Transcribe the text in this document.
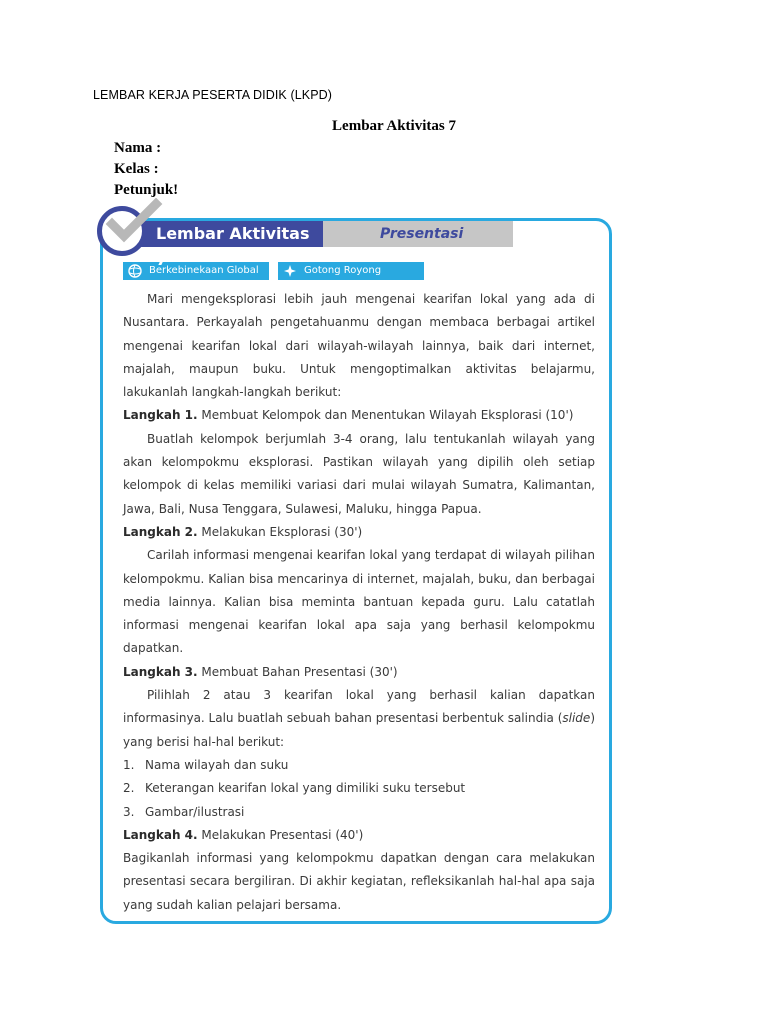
LEMBAR KERJA PESERTA DIDIK (LKPD)
Lembar Aktivitas 7
Nama :
Kelas :
Petunjuk!
Lembar Aktivitas 7
Presentasi
Berkebinekaan Global	Gotong Royong
Mari mengeksplorasi lebih jauh mengenai kearifan lokal yang ada di Nusantara. Perkayalah pengetahuanmu dengan membaca berbagai artikel mengenai kearifan lokal dari wilayah-wilayah lainnya, baik dari internet, majalah, maupun buku. Untuk mengoptimalkan aktivitas belajarmu, lakukanlah langkah-langkah berikut:
Langkah 1. Membuat Kelompok dan Menentukan Wilayah Eksplorasi (10')
Buatlah kelompok berjumlah 3-4 orang, lalu tentukanlah wilayah yang akan kelompokmu eksplorasi. Pastikan wilayah yang dipilih oleh setiap kelompok di kelas memiliki variasi dari mulai wilayah Sumatra, Kalimantan, Jawa, Bali, Nusa Tenggara, Sulawesi, Maluku, hingga Papua.
Langkah 2. Melakukan Eksplorasi (30')
Carilah informasi mengenai kearifan lokal yang terdapat di wilayah pilihan kelompokmu. Kalian bisa mencarinya di internet, majalah, buku, dan berbagai media lainnya. Kalian bisa meminta bantuan kepada guru. Lalu catatlah informasi mengenai kearifan lokal apa saja yang berhasil kelompokmu dapatkan.
Langkah 3. Membuat Bahan Presentasi (30')
Pilihlah 2 atau 3 kearifan lokal yang berhasil kalian dapatkan informasinya. Lalu buatlah sebuah bahan presentasi berbentuk salindia (slide) yang berisi hal-hal berikut:
1. Nama wilayah dan suku
2. Keterangan kearifan lokal yang dimiliki suku tersebut
3. Gambar/ilustrasi
Langkah 4. Melakukan Presentasi (40')
Bagikanlah informasi yang kelompokmu dapatkan dengan cara melakukan presentasi secara bergiliran. Di akhir kegiatan, refleksikanlah hal-hal apa saja yang sudah kalian pelajari bersama.
